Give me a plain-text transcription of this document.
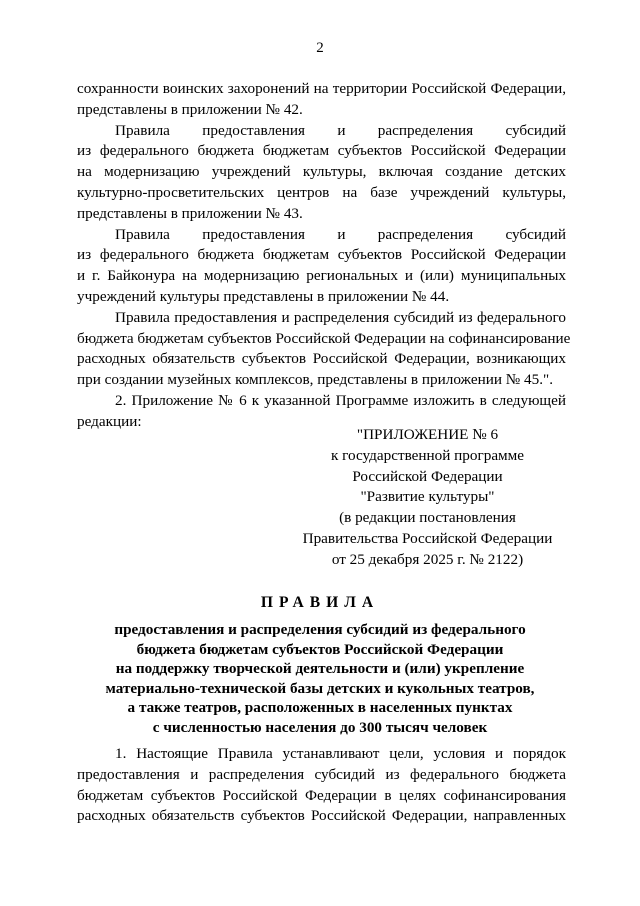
2
сохранности воинских захоронений на территории Российской Федерации,
представлены в приложении № 42.
Правила предоставления и распределения субсидий
из федерального бюджета бюджетам субъектов Российской Федерации
на модернизацию учреждений культуры, включая создание детских
культурно-просветительских центров на базе учреждений культуры,
представлены в приложении № 43.
Правила предоставления и распределения субсидий
из федерального бюджета бюджетам субъектов Российской Федерации
и г. Байконура на модернизацию региональных и (или) муниципальных
учреждений культуры представлены в приложении № 44.
Правила предоставления и распределения субсидий из федерального
бюджета бюджетам субъектов Российской Федерации на софинансирование
расходных обязательств субъектов Российской Федерации, возникающих
при создании музейных комплексов, представлены в приложении № 45.".
2. Приложение № 6 к указанной Программе изложить в следующей
редакции:
"ПРИЛОЖЕНИЕ № 6
к государственной программе
Российской Федерации
"Развитие культуры"
(в редакции постановления
Правительства Российской Федерации
от 25 декабря 2025 г. № 2122)
ПРАВИЛА
предоставления и распределения субсидий из федерального
бюджета бюджетам субъектов Российской Федерации
на поддержку творческой деятельности и (или) укрепление
материально-технической базы детских и кукольных театров,
а также театров, расположенных в населенных пунктах
с численностью населения до 300 тысяч человек
1. Настоящие Правила устанавливают цели, условия и порядок
предоставления и распределения субсидий из федерального бюджета
бюджетам субъектов Российской Федерации в целях софинансирования
расходных обязательств субъектов Российской Федерации, направленных
